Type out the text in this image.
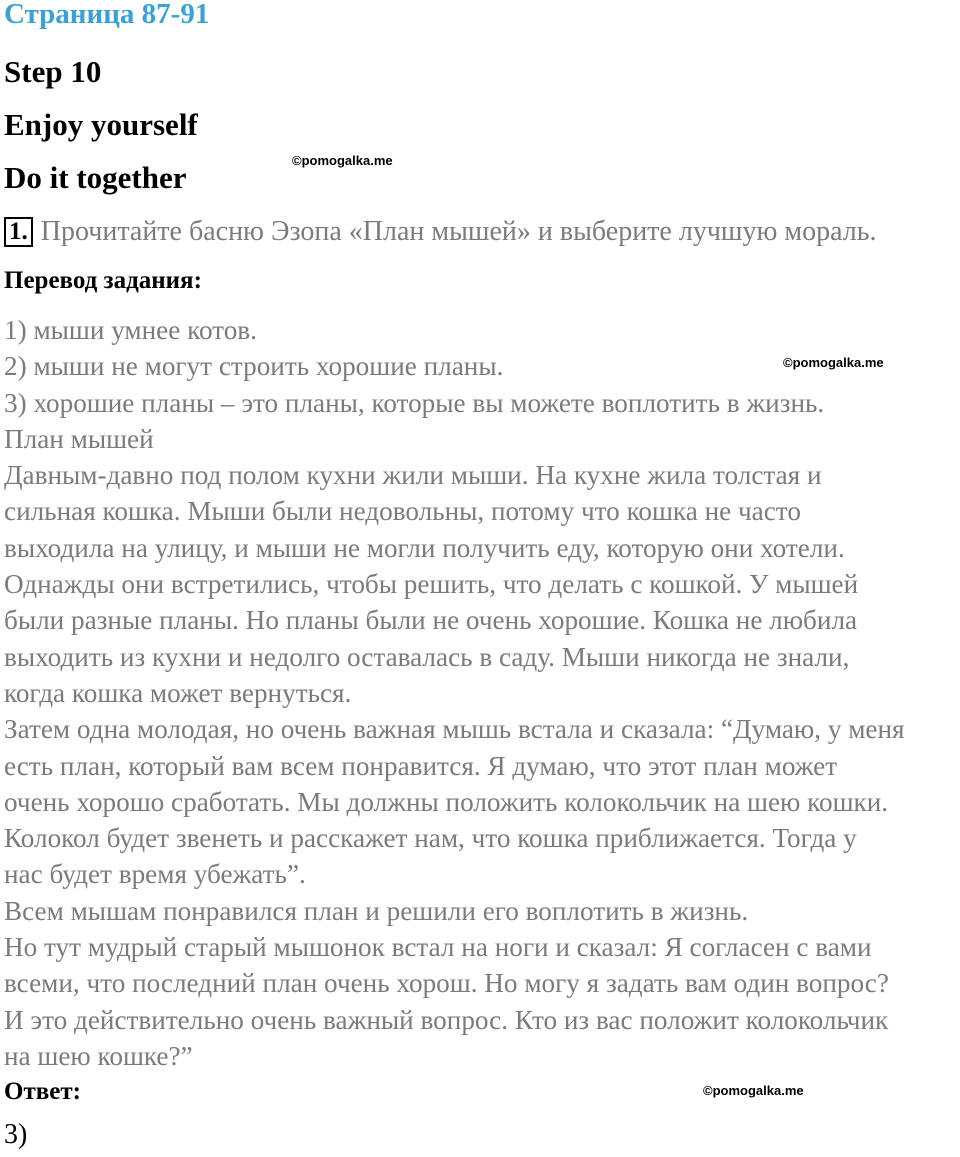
Страница 87-91
Step 10
Enjoy yourself
Do it together	©pomogalka.me
1. Прочитайте басню Эзопа «План мышей» и выберите лучшую мораль.
Перевод задания:
1) мыши умнее котов.
2) мыши не могут строить хорошие планы.
3) хорошие планы – это планы, которые вы можете воплотить в жизнь.
План мышей
Давным-давно под полом кухни жили мыши. На кухне жила толстая и
сильная кошка. Мыши были недовольны, потому что кошка не часто
выходила на улицу, и мыши не могли получить еду, которую они хотели.
Однажды они встретились, чтобы решить, что делать с кошкой. У мышей
были разные планы. Но планы были не очень хорошие. Кошка не любила
выходить из кухни и недолго оставалась в саду. Мыши никогда не знали,
когда кошка может вернуться.
Затем одна молодая, но очень важная мышь встала и сказала: “Думаю, у меня
есть план, который вам всем понравится. Я думаю, что этот план может
очень хорошо сработать. Мы должны положить колокольчик на шею кошки.
Колокол будет звенеть и расскажет нам, что кошка приближается. Тогда у
нас будет время убежать”.
Всем мышам понравился план и решили его воплотить в жизнь.
Но тут мудрый старый мышонок встал на ноги и сказал: Я согласен с вами
всеми, что последний план очень хорош. Но могу я задать вам один вопрос?
И это действительно очень важный вопрос. Кто из вас положит колокольчик
на шею кошке?”
©pomogalka.me
Ответ:	©pomogalka.me
3)
